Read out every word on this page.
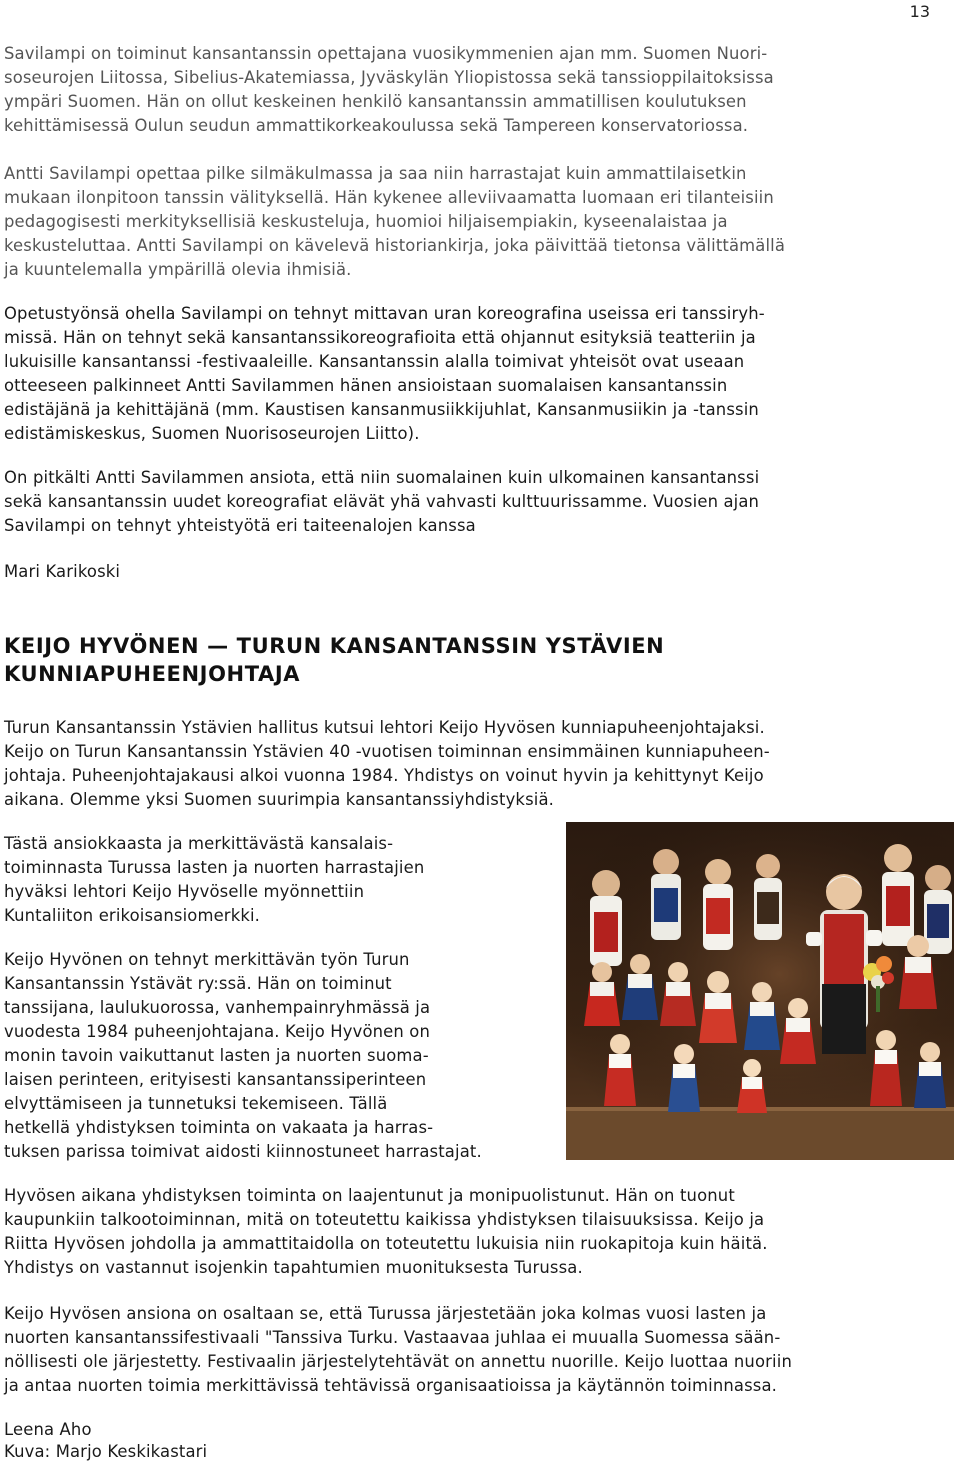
13

Savilampi on toiminut kansantanssin opettajana vuosikymmenien ajan mm. Suomen Nuori-
soseurojen Liitossa, Sibelius-Akatemiassa, Jyväskylän Yliopistossa sekä tanssioppilaitoksissa
ympäri Suomen. Hän on ollut keskeinen henkilö kansantanssin ammatillisen koulutuksen
kehittämisessä Oulun seudun ammattikorkeakoulussa sekä Tampereen konservatoriossa.

Antti Savilampi opettaa pilke silmäkulmassa ja saa niin harrastajat kuin ammattilaisetkin
mukaan ilonpitoon tanssin välityksellä. Hän kykenee alleviivaamatta luomaan eri tilanteisiin
pedagogisesti merkityksellisiä keskusteluja, huomioi hiljaisempiakin, kyseenalaistaa ja
keskusteluttaa. Antti Savilampi on kävelevä historiankirja, joka päivittää tietonsa välittämällä
ja kuuntelemalla ympärillä olevia ihmisiä.

Opetustyönsä ohella Savilampi on tehnyt mittavan uran koreografina useissa eri tanssiryh-
missä. Hän on tehnyt sekä kansantanssikoreografioita että ohjannut esityksiä teatteriin ja
lukuisille kansantanssi -festivaaleille. Kansantanssin alalla toimivat yhteisöt ovat useaan
otteeseen palkinneet Antti Savilammen hänen ansioistaan suomalaisen kansantanssin
edistäjänä ja kehittäjänä (mm. Kaustisen kansanmusiikkijuhlat, Kansanmusiikin ja -tanssin
edistämiskeskus, Suomen Nuorisoseurojen Liitto).

On pitkälti Antti Savilammen ansiota, että niin suomalainen kuin ulkomainen kansantanssi
sekä kansantanssin uudet koreografiat elävät yhä vahvasti kulttuurissamme. Vuosien ajan
Savilampi on tehnyt yhteistyötä eri taiteenalojen kanssa

Mari Karikoski

KEIJO HYVÖNEN — TURUN KANSANTANSSIN YSTÄVIEN
KUNNIAPUHEENJOHTAJA

Turun Kansantanssin Ystävien hallitus kutsui lehtori Keijo Hyvösen kunniapuheenjohtajaksi.
Keijo on Turun Kansantanssin Ystävien 40 -vuotisen toiminnan ensimmäinen kunniapuheen-
johtaja. Puheenjohtajakausi alkoi vuonna 1984. Yhdistys on voinut hyvin ja kehittynyt Keijo
aikana. Olemme yksi Suomen suurimpia kansantanssiyhdistyksiä.

Tästä ansiokkaasta ja merkittävästä kansalais-
toiminnasta Turussa lasten ja nuorten harrastajien
hyväksi lehtori Keijo Hyvöselle myönnettiin
Kuntaliiton erikoisansiomerkki.

Keijo Hyvönen on tehnyt merkittävän työn Turun
Kansantanssin Ystävät ry:ssä. Hän on toiminut
tanssijana, laulukuorossa, vanhempainryhmässä ja
vuodesta 1984 puheenjohtajana. Keijo Hyvönen on
monin tavoin vaikuttanut lasten ja nuorten suoma-
laisen perinteen, erityisesti kansantanssiperinteen
elvyttämiseen ja tunnetuksi tekemiseen. Tällä
hetkellä yhdistyksen toiminta on vakaata ja harras-
tuksen parissa toimivat aidosti kiinnostuneet harrastajat.

Hyvösen aikana yhdistyksen toiminta on laajentunut ja monipuolistunut. Hän on tuonut
kaupunkiin talkootoiminnan, mitä on toteutettu kaikissa yhdistyksen tilaisuuksissa. Keijo ja
Riitta Hyvösen johdolla ja ammattitaidolla on toteutettu lukuisia niin ruokapitoja kuin häitä.
Yhdistys on vastannut isojenkin tapahtumien muonituksesta Turussa.

Keijo Hyvösen ansiona on osaltaan se, että Turussa järjestetään joka kolmas vuosi lasten ja
nuorten kansantanssifestivaali "Tanssiva Turku. Vastaavaa juhlaa ei muualla Suomessa sään-
nöllisesti ole järjestetty. Festivaalin järjestelytehtävät on annettu nuorille. Keijo luottaa nuoriin
ja antaa nuorten toimia merkittävissä tehtävissä organisaatioissa ja käytännön toiminnassa.

Leena Aho

Kuva: Marjo Keskikastari
